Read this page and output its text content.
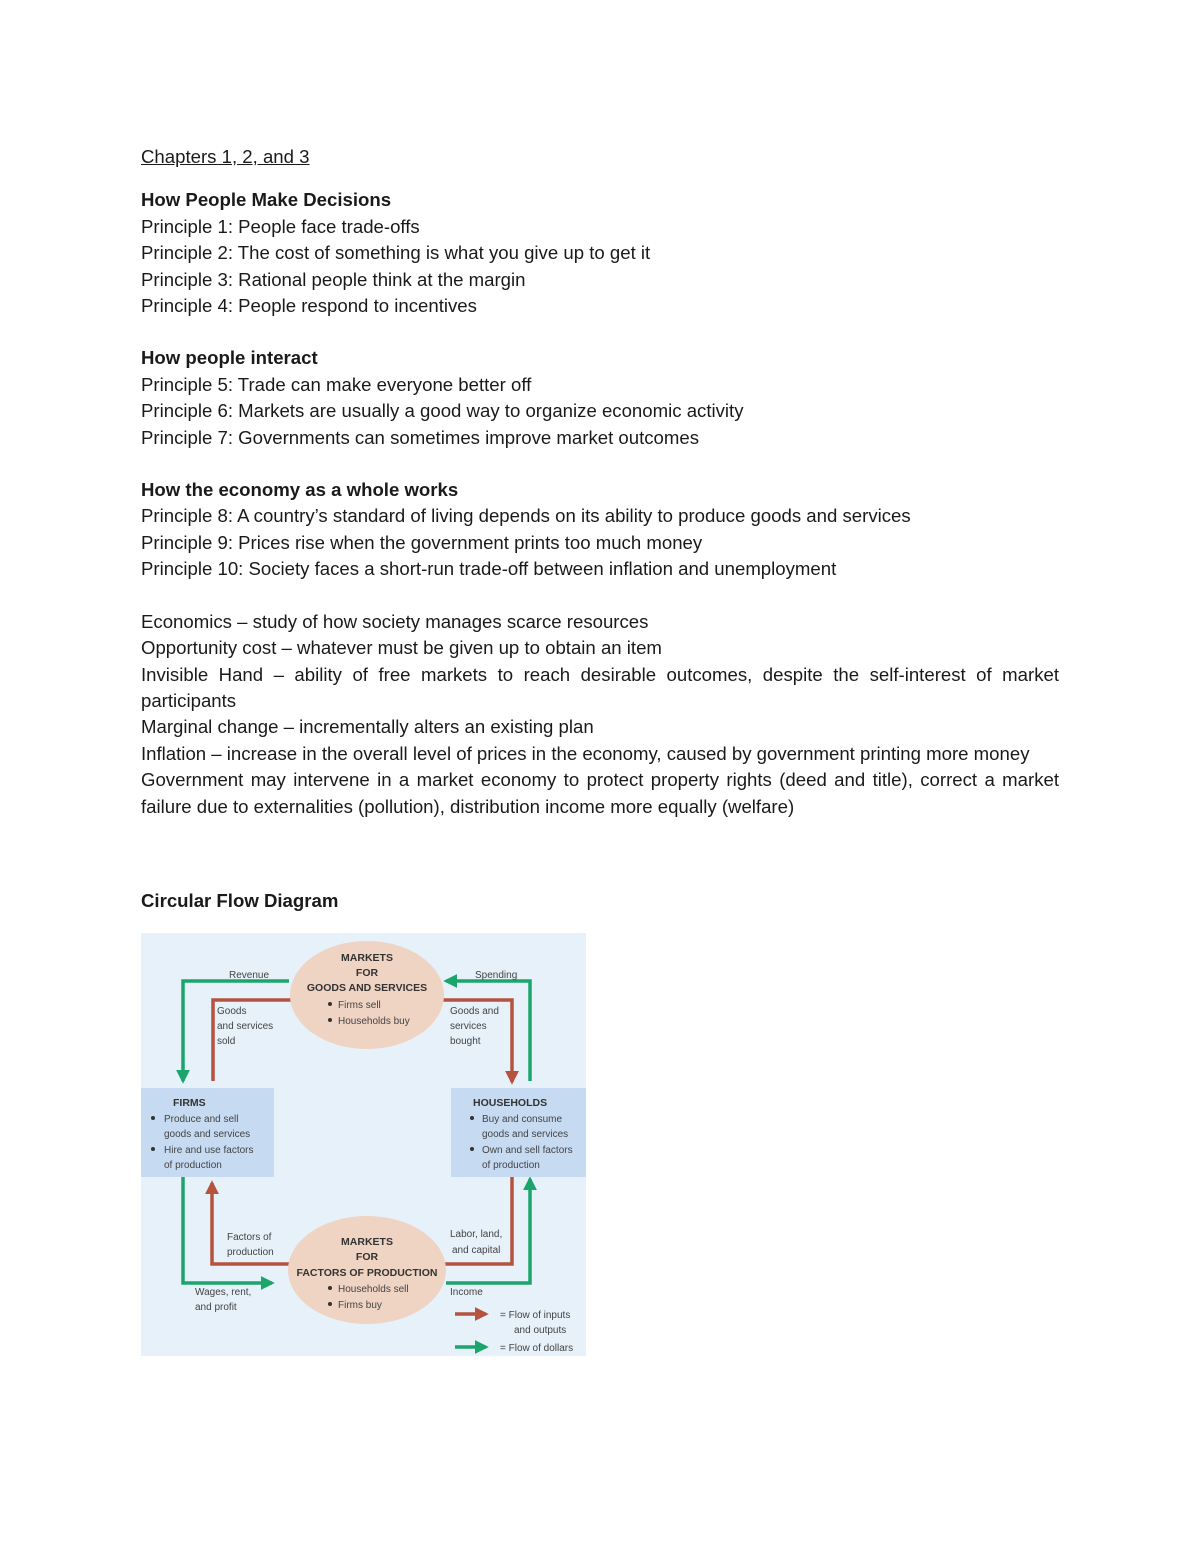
Chapters 1, 2, and 3
How People Make Decisions
Principle 1: People face trade-offs
Principle 2: The cost of something is what you give up to get it
Principle 3: Rational people think at the margin
Principle 4: People respond to incentives
How people interact
Principle 5: Trade can make everyone better off
Principle 6: Markets are usually a good way to organize economic activity
Principle 7: Governments can sometimes improve market outcomes
How the economy as a whole works
Principle 8: A country’s standard of living depends on its ability to produce goods and services
Principle 9: Prices rise when the government prints too much money
Principle 10: Society faces a short-run trade-off between inflation and unemployment
Economics – study of how society manages scarce resources
Opportunity cost – whatever must be given up to obtain an item
Invisible Hand – ability of free markets to reach desirable outcomes, despite the self-interest of market participants
Marginal change – incrementally alters an existing plan
Inflation – increase in the overall level of prices in the economy, caused by government printing more money
Government may intervene in a market economy to protect property rights (deed and title), correct a market failure due to externalities (pollution), distribution income more equally (welfare)
Circular Flow Diagram
MARKETS
FOR
GOODS AND SERVICES
Firms sell
Households buy
MARKETS
FOR
FACTORS OF PRODUCTION
Households sell
Firms buy
FIRMS
Produce and sell
goods and services
Hire and use factors
of production
HOUSEHOLDS
Buy and consume
goods and services
Own and sell factors
of production
Revenue	Spending
Goods
and services
sold
Goods and
services
bought
Factors of
production
Labor, land,
and capital
Wages, rent,
and profit
Income
= Flow of inputs
and outputs
= Flow of dollars
